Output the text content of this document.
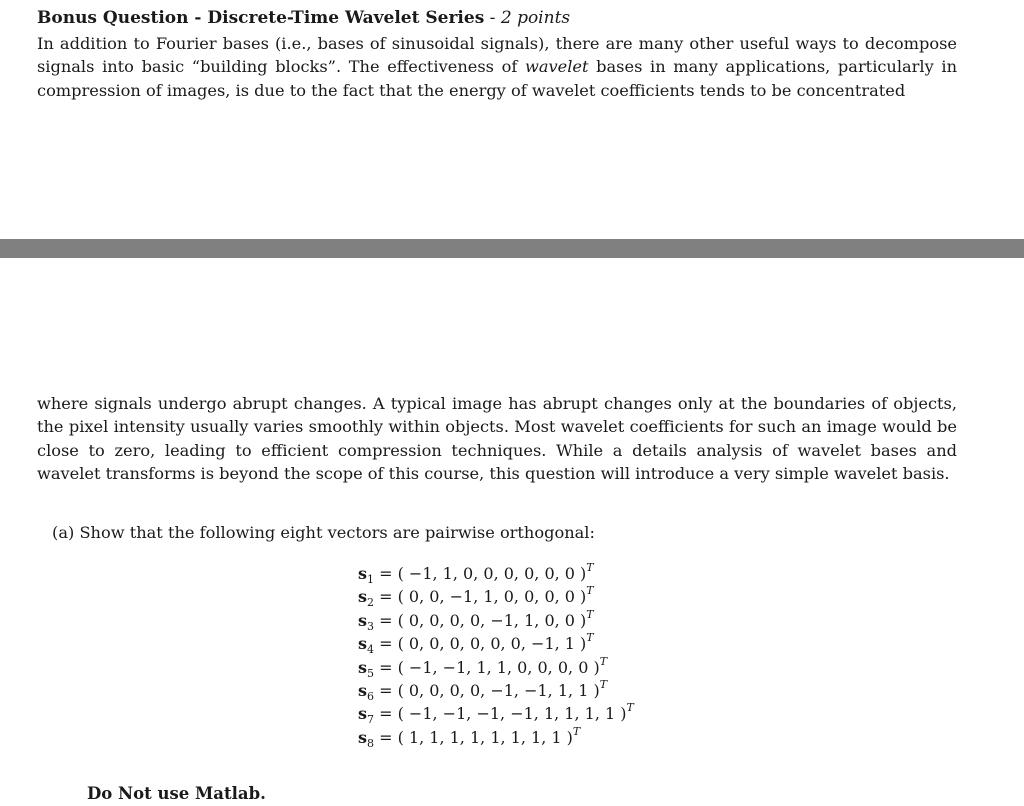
Bonus Question - Discrete-Time Wavelet Series - 2 points
In addition to Fourier bases (i.e., bases of sinusoidal signals), there are many other useful ways to decompose signals into basic “building blocks”. The effectiveness of wavelet bases in many applications, particularly in compression of images, is due to the fact that the energy of wavelet coefficients tends to be concentrated
where signals undergo abrupt changes. A typical image has abrupt changes only at the boundaries of objects, the pixel intensity usually varies smoothly within objects. Most wavelet coefficients for such an image would be close to zero, leading to efficient compression techniques. While a details analysis of wavelet bases and wavelet transforms is beyond the scope of this course, this question will introduce a very simple wavelet basis.
(a) Show that the following eight vectors are pairwise orthogonal:
$s_1$ = ( −1, 1, 0, 0, 0, 0, 0, 0 )$^T$
$s_2$ = ( 0, 0, −1, 1, 0, 0, 0, 0 )$^T$
$s_3$ = ( 0, 0, 0, 0, −1, 1, 0, 0 )$^T$
$s_4$ = ( 0, 0, 0, 0, 0, 0, −1, 1 )$^T$
$s_5$ = ( −1, −1, 1, 1, 0, 0, 0, 0 )$^T$
$s_6$ = ( 0, 0, 0, 0, −1, −1, 1, 1 )$^T$
$s_7$ = ( −1, −1, −1, −1, 1, 1, 1, 1 )$^T$
$s_8$ = ( 1, 1, 1, 1, 1, 1, 1, 1 )$^T$
Do Not use Matlab.
